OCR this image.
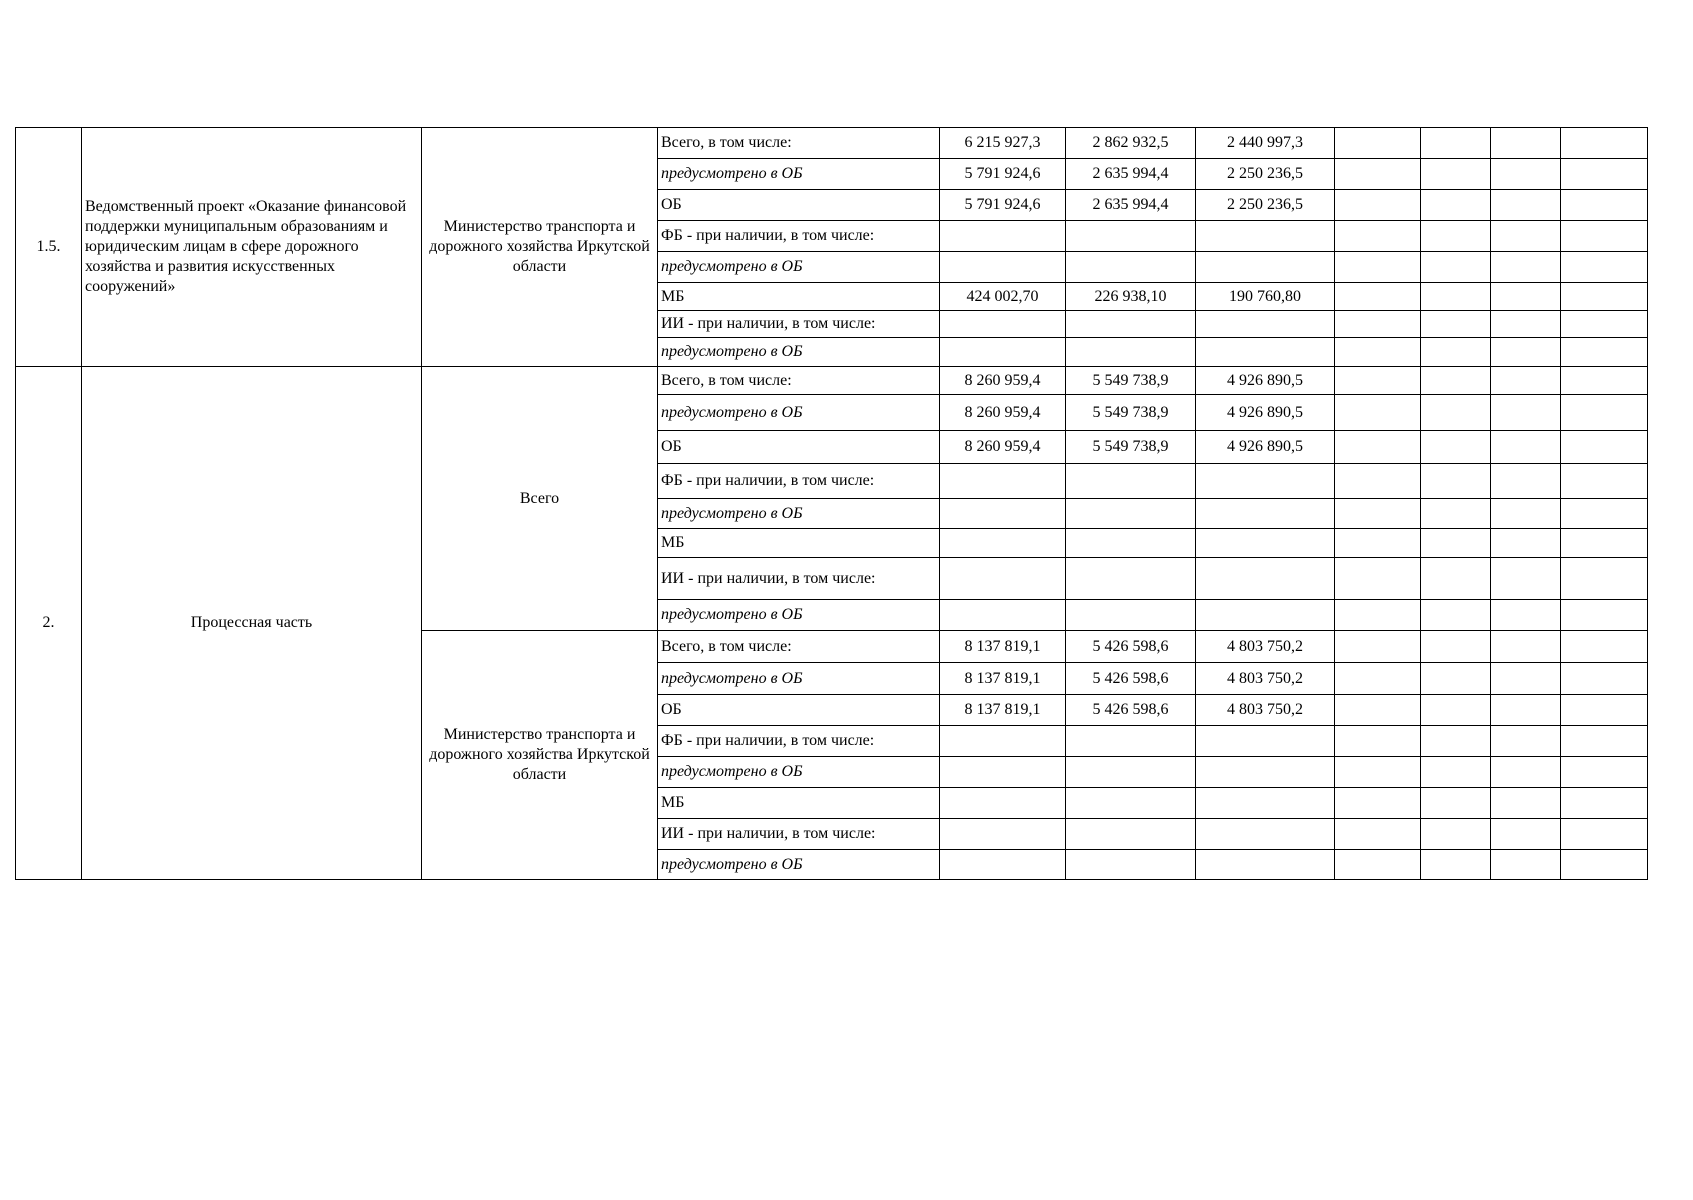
1.5.	Ведомственный проект «Оказание финансовой поддержки муниципальным образованиям и юридическим лицам в сфере дорожного хозяйства и развития искусственных сооружений»	Министерство транспорта и дорожного хозяйства Иркутской области	Всего, в том числе:	6 215 927,3	2 862 932,5	2 440 997,3				
			предусмотрено в ОБ	5 791 924,6	2 635 994,4	2 250 236,5				
			ОБ	5 791 924,6	2 635 994,4	2 250 236,5				
			ФБ - при наличии, в том числе:							
			предусмотрено в ОБ							
			МБ	424 002,70	226 938,10	190 760,80				
			ИИ - при наличии, в том числе:							
			предусмотрено в ОБ							
2.	Процессная часть	Всего	Всего, в том числе:	8 260 959,4	5 549 738,9	4 926 890,5				
			предусмотрено в ОБ	8 260 959,4	5 549 738,9	4 926 890,5				
			ОБ	8 260 959,4	5 549 738,9	4 926 890,5				
			ФБ - при наличии, в том числе:							
			предусмотрено в ОБ							
			МБ							
			ИИ - при наличии, в том числе:							
			предусмотрено в ОБ							
		Министерство транспорта и дорожного хозяйства Иркутской области	Всего, в том числе:	8 137 819,1	5 426 598,6	4 803 750,2				
			предусмотрено в ОБ	8 137 819,1	5 426 598,6	4 803 750,2				
			ОБ	8 137 819,1	5 426 598,6	4 803 750,2				
			ФБ - при наличии, в том числе:							
			предусмотрено в ОБ							
			МБ							
			ИИ - при наличии, в том числе:							
			предусмотрено в ОБ							
